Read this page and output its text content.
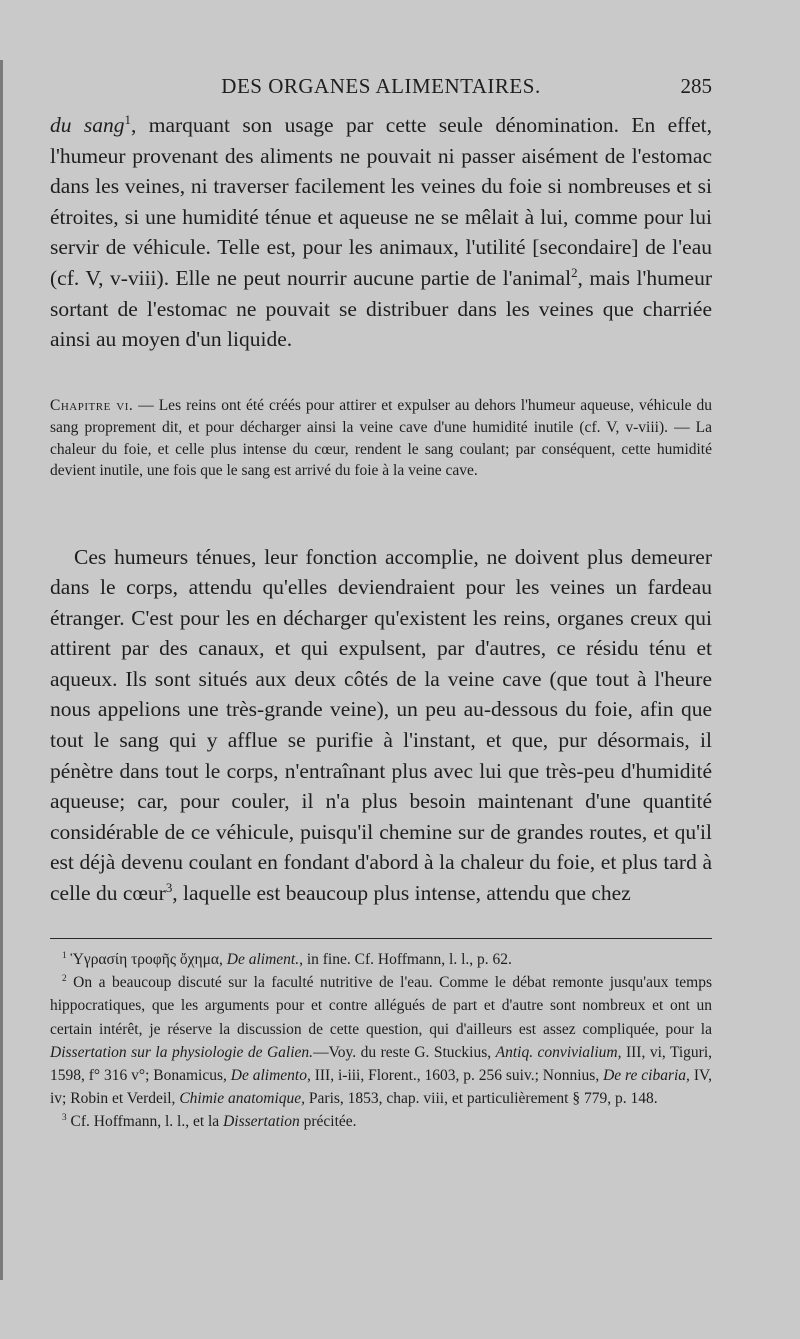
DES ORGANES ALIMENTAIRES.	285

du sang$^1$, marquant son usage par cette seule dénomination. En effet, l'humeur provenant des aliments ne pouvait ni passer aisément de l'estomac dans les veines, ni traverser facilement les veines du foie si nombreuses et si étroites, si une humidité ténue et aqueuse ne se mêlait à lui, comme pour lui servir de véhicule. Telle est, pour les animaux, l'utilité [secondaire] de l'eau (cf. V, v-viii). Elle ne peut nourrir aucune partie de l'animal$^2$, mais l'humeur sortant de l'estomac ne pouvait se distribuer dans les veines que charriée ainsi au moyen d'un liquide.

Chapitre vi. — Les reins ont été créés pour attirer et expulser au dehors l'humeur aqueuse, véhicule du sang proprement dit, et pour décharger ainsi la veine cave d'une humidité inutile (cf. V, v-viii). — La chaleur du foie, et celle plus intense du cœur, rendent le sang coulant; par conséquent, cette humidité devient inutile, une fois que le sang est arrivé du foie à la veine cave.

Ces humeurs ténues, leur fonction accomplie, ne doivent plus demeurer dans le corps, attendu qu'elles deviendraient pour les veines un fardeau étranger. C'est pour les en décharger qu'existent les reins, organes creux qui attirent par des canaux, et qui expulsent, par d'autres, ce résidu ténu et aqueux. Ils sont situés aux deux côtés de la veine cave (que tout à l'heure nous appelions une très-grande veine), un peu au-dessous du foie, afin que tout le sang qui y afflue se purifie à l'instant, et que, pur désormais, il pénètre dans tout le corps, n'entraînant plus avec lui que très-peu d'humidité aqueuse; car, pour couler, il n'a plus besoin maintenant d'une quantité considérable de ce véhicule, puisqu'il chemine sur de grandes routes, et qu'il est déjà devenu coulant en fondant d'abord à la chaleur du foie, et plus tard à celle du cœur$^3$, laquelle est beaucoup plus intense, attendu que chez

$^1$ Ὑγρασίη τροφῆς ὄχημα, De aliment., in fine. Cf. Hoffmann, l. l., p. 62.

$^2$ On a beaucoup discuté sur la faculté nutritive de l'eau. Comme le débat remonte jusqu'aux temps hippocratiques, que les arguments pour et contre allégués de part et d'autre sont nombreux et ont un certain intérêt, je réserve la discussion de cette question, qui d'ailleurs est assez compliquée, pour la Dissertation sur la physiologie de Galien.—Voy. du reste G. Stuckius, Antiq. convivialium, III, vi, Tiguri, 1598, f° 316 v°; Bonamicus, De alimento, III, i-iii, Florent., 1603, p. 256 suiv.; Nonnius, De re cibaria, IV, iv; Robin et Verdeil, Chimie anatomique, Paris, 1853, chap. viii, et particulièrement § 779, p. 148.

$^3$ Cf. Hoffmann, l. l., et la Dissertation précitée.
